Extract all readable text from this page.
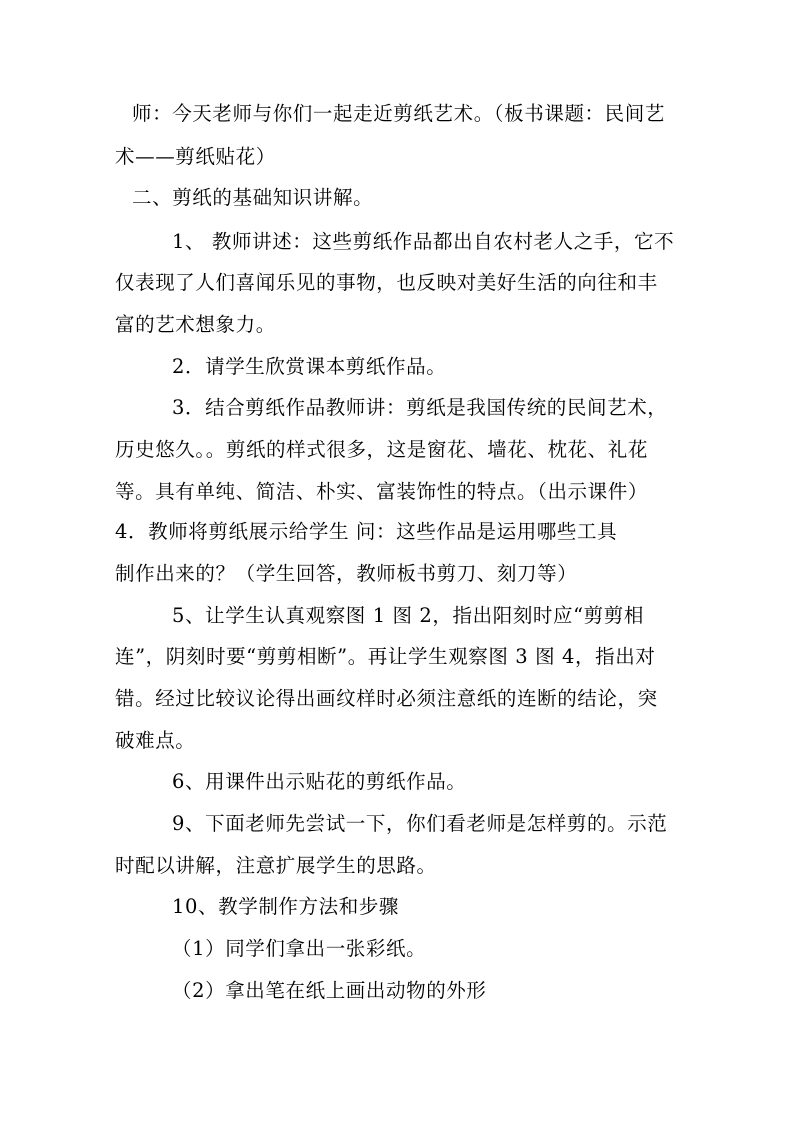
师：今天老师与你们一起走近剪纸艺术。（板书课题：民间艺
术——剪纸贴花）
二、剪纸的基础知识讲解。
1、 教师讲述：这些剪纸作品都出自农村老人之手，它不
仅表现了人们喜闻乐见的事物，也反映对美好生活的向往和丰
富的艺术想象力。
2．请学生欣赏课本剪纸作品。
3．结合剪纸作品教师讲：剪纸是我国传统的民间艺术，
历史悠久。。剪纸的样式很多，这是窗花、墙花、枕花、礼花
等。具有单纯、简洁、朴实、富装饰性的特点。（出示课件）
4．教师将剪纸展示给学生 问：这些作品是运用哪些工具
制作出来的？（学生回答，教师板书剪刀、刻刀等）
5、让学生认真观察图 1 图 2，指出阳刻时应“剪剪相
连”，阴刻时要“剪剪相断”。再让学生观察图 3 图 4，指出对
错。经过比较议论得出画纹样时必须注意纸的连断的结论，突
破难点。
6、用课件出示贴花的剪纸作品。
9、下面老师先尝试一下，你们看老师是怎样剪的。示范
时配以讲解，注意扩展学生的思路。
10、教学制作方法和步骤
（1）同学们拿出一张彩纸。
（2）拿出笔在纸上画出动物的外形
